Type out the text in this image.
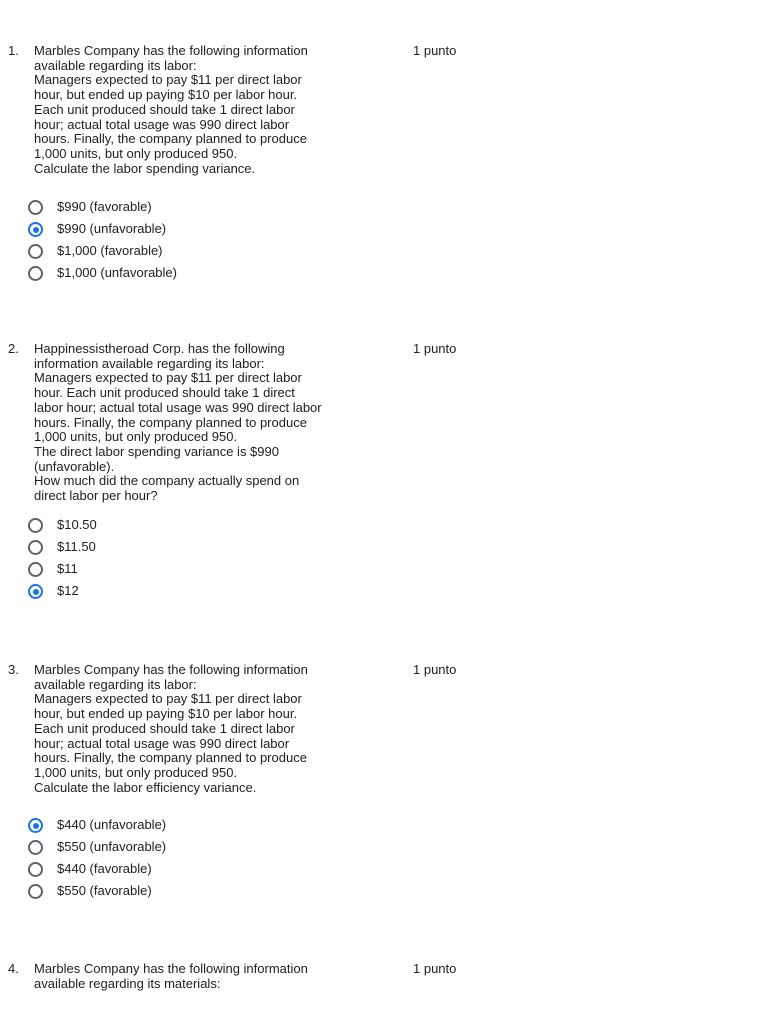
1. Marbles Company has the following information
available regarding its labor:
Managers expected to pay $11 per direct labor
hour, but ended up paying $10 per labor hour.
Each unit produced should take 1 direct labor
hour; actual total usage was 990 direct labor
hours. Finally, the company planned to produce
1,000 units, but only produced 950.
Calculate the labor spending variance.
1 punto
$990 (favorable)
$990 (unfavorable)
$1,000 (favorable)
$1,000 (unfavorable)
2. Happinessistheroad Corp. has the following
information available regarding its labor:
Managers expected to pay $11 per direct labor
hour. Each unit produced should take 1 direct
labor hour; actual total usage was 990 direct labor
hours. Finally, the company planned to produce
1,000 units, but only produced 950.
The direct labor spending variance is $990
(unfavorable).
How much did the company actually spend on
direct labor per hour?
1 punto
$10.50
$11.50
$11
$12
3. Marbles Company has the following information
available regarding its labor:
Managers expected to pay $11 per direct labor
hour, but ended up paying $10 per labor hour.
Each unit produced should take 1 direct labor
hour; actual total usage was 990 direct labor
hours. Finally, the company planned to produce
1,000 units, but only produced 950.
Calculate the labor efficiency variance.
1 punto
$440 (unfavorable)
$550 (unfavorable)
$440 (favorable)
$550 (favorable)
4. Marbles Company has the following information
available regarding its materials:
1 punto
